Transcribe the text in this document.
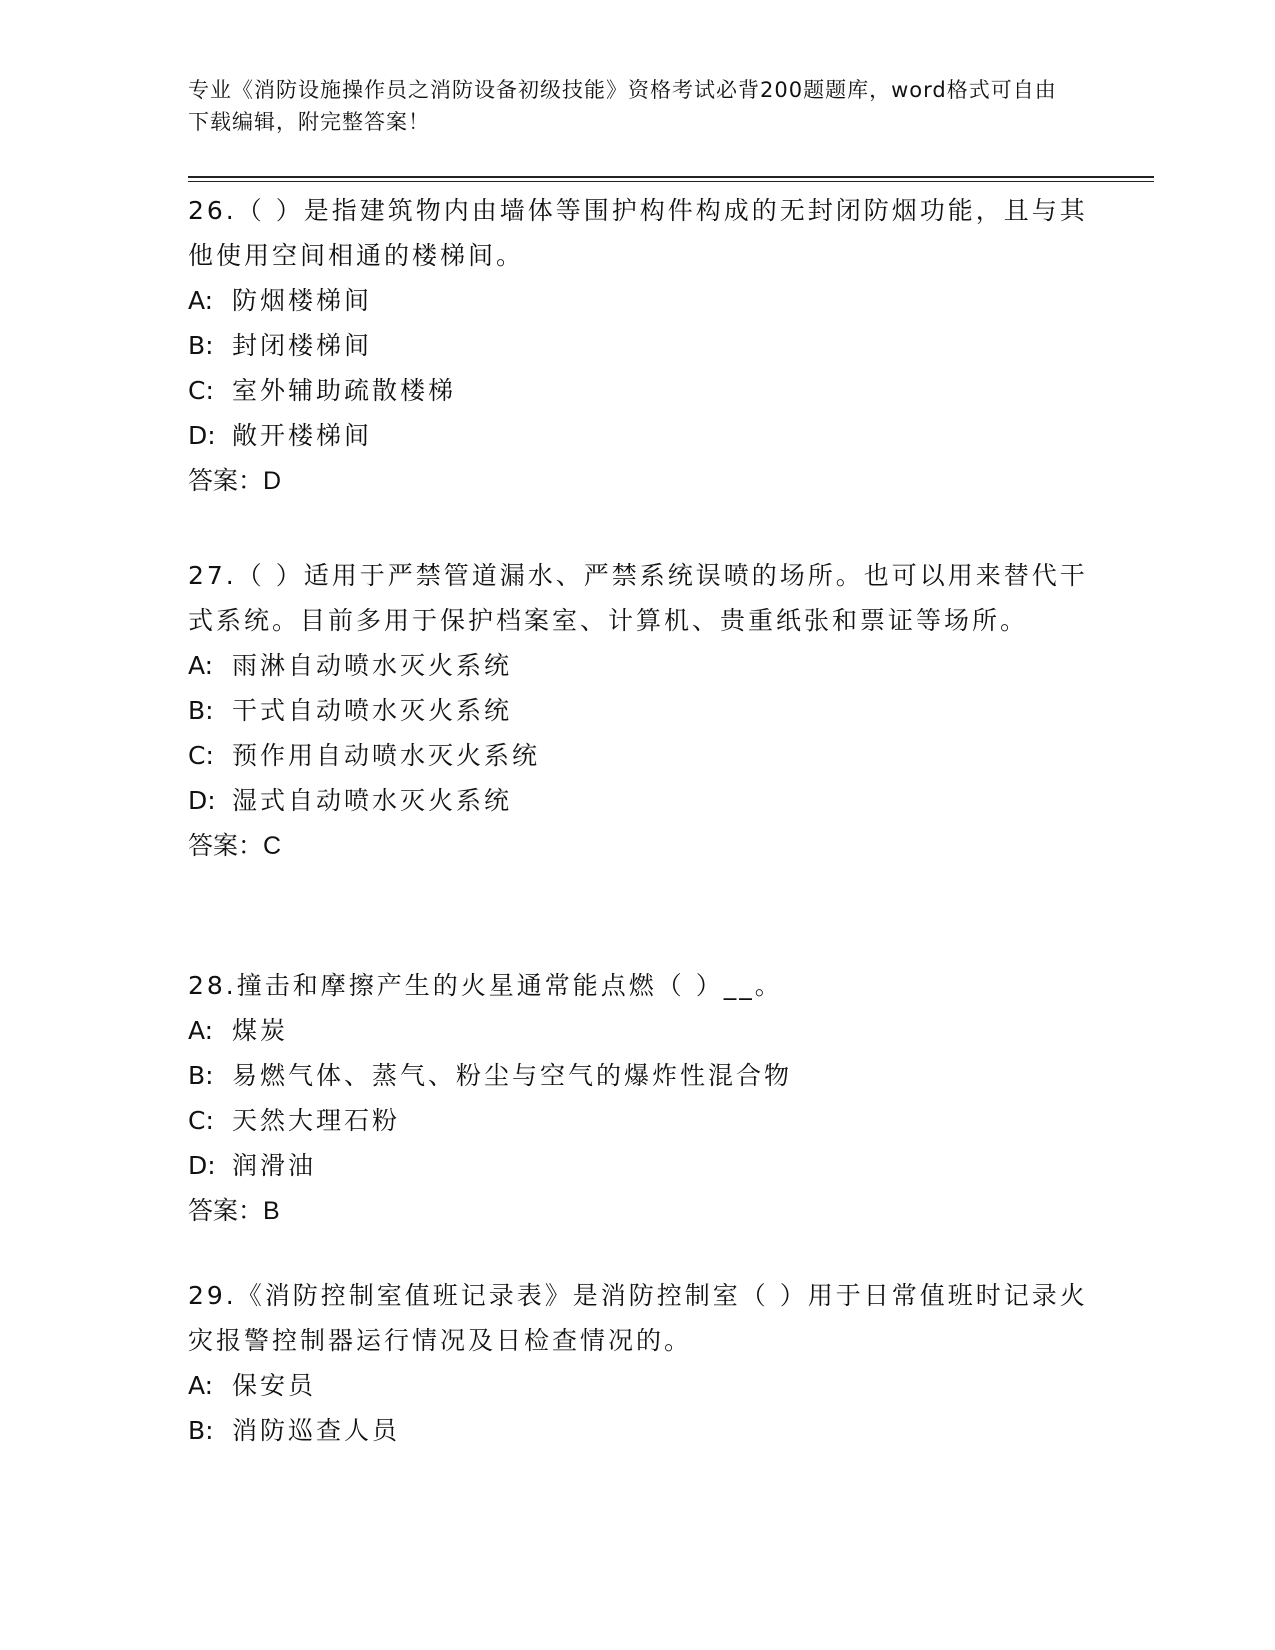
专业《消防设施操作员之消防设备初级技能》资格考试必背200题题库，word格式可自由下载编辑，附完整答案！

26.（ ）是指建筑物内由墙体等围护构件构成的无封闭防烟功能，且与其他使用空间相通的楼梯间。

A: 防烟楼梯间

B: 封闭楼梯间

C: 室外辅助疏散楼梯

D: 敞开楼梯间

答案：D

27.（ ）适用于严禁管道漏水、严禁系统误喷的场所。也可以用来替代干式系统。目前多用于保护档案室、计算机、贵重纸张和票证等场所。

A: 雨淋自动喷水灭火系统

B: 干式自动喷水灭火系统

C: 预作用自动喷水灭火系统

D: 湿式自动喷水灭火系统

答案：C

28.撞击和摩擦产生的火星通常能点燃（ ）__。

A: 煤炭

B: 易燃气体、蒸气、粉尘与空气的爆炸性混合物

C: 天然大理石粉

D: 润滑油

答案：B

29.《消防控制室值班记录表》是消防控制室（ ）用于日常值班时记录火灾报警控制器运行情况及日检查情况的。

A: 保安员

B: 消防巡查人员
